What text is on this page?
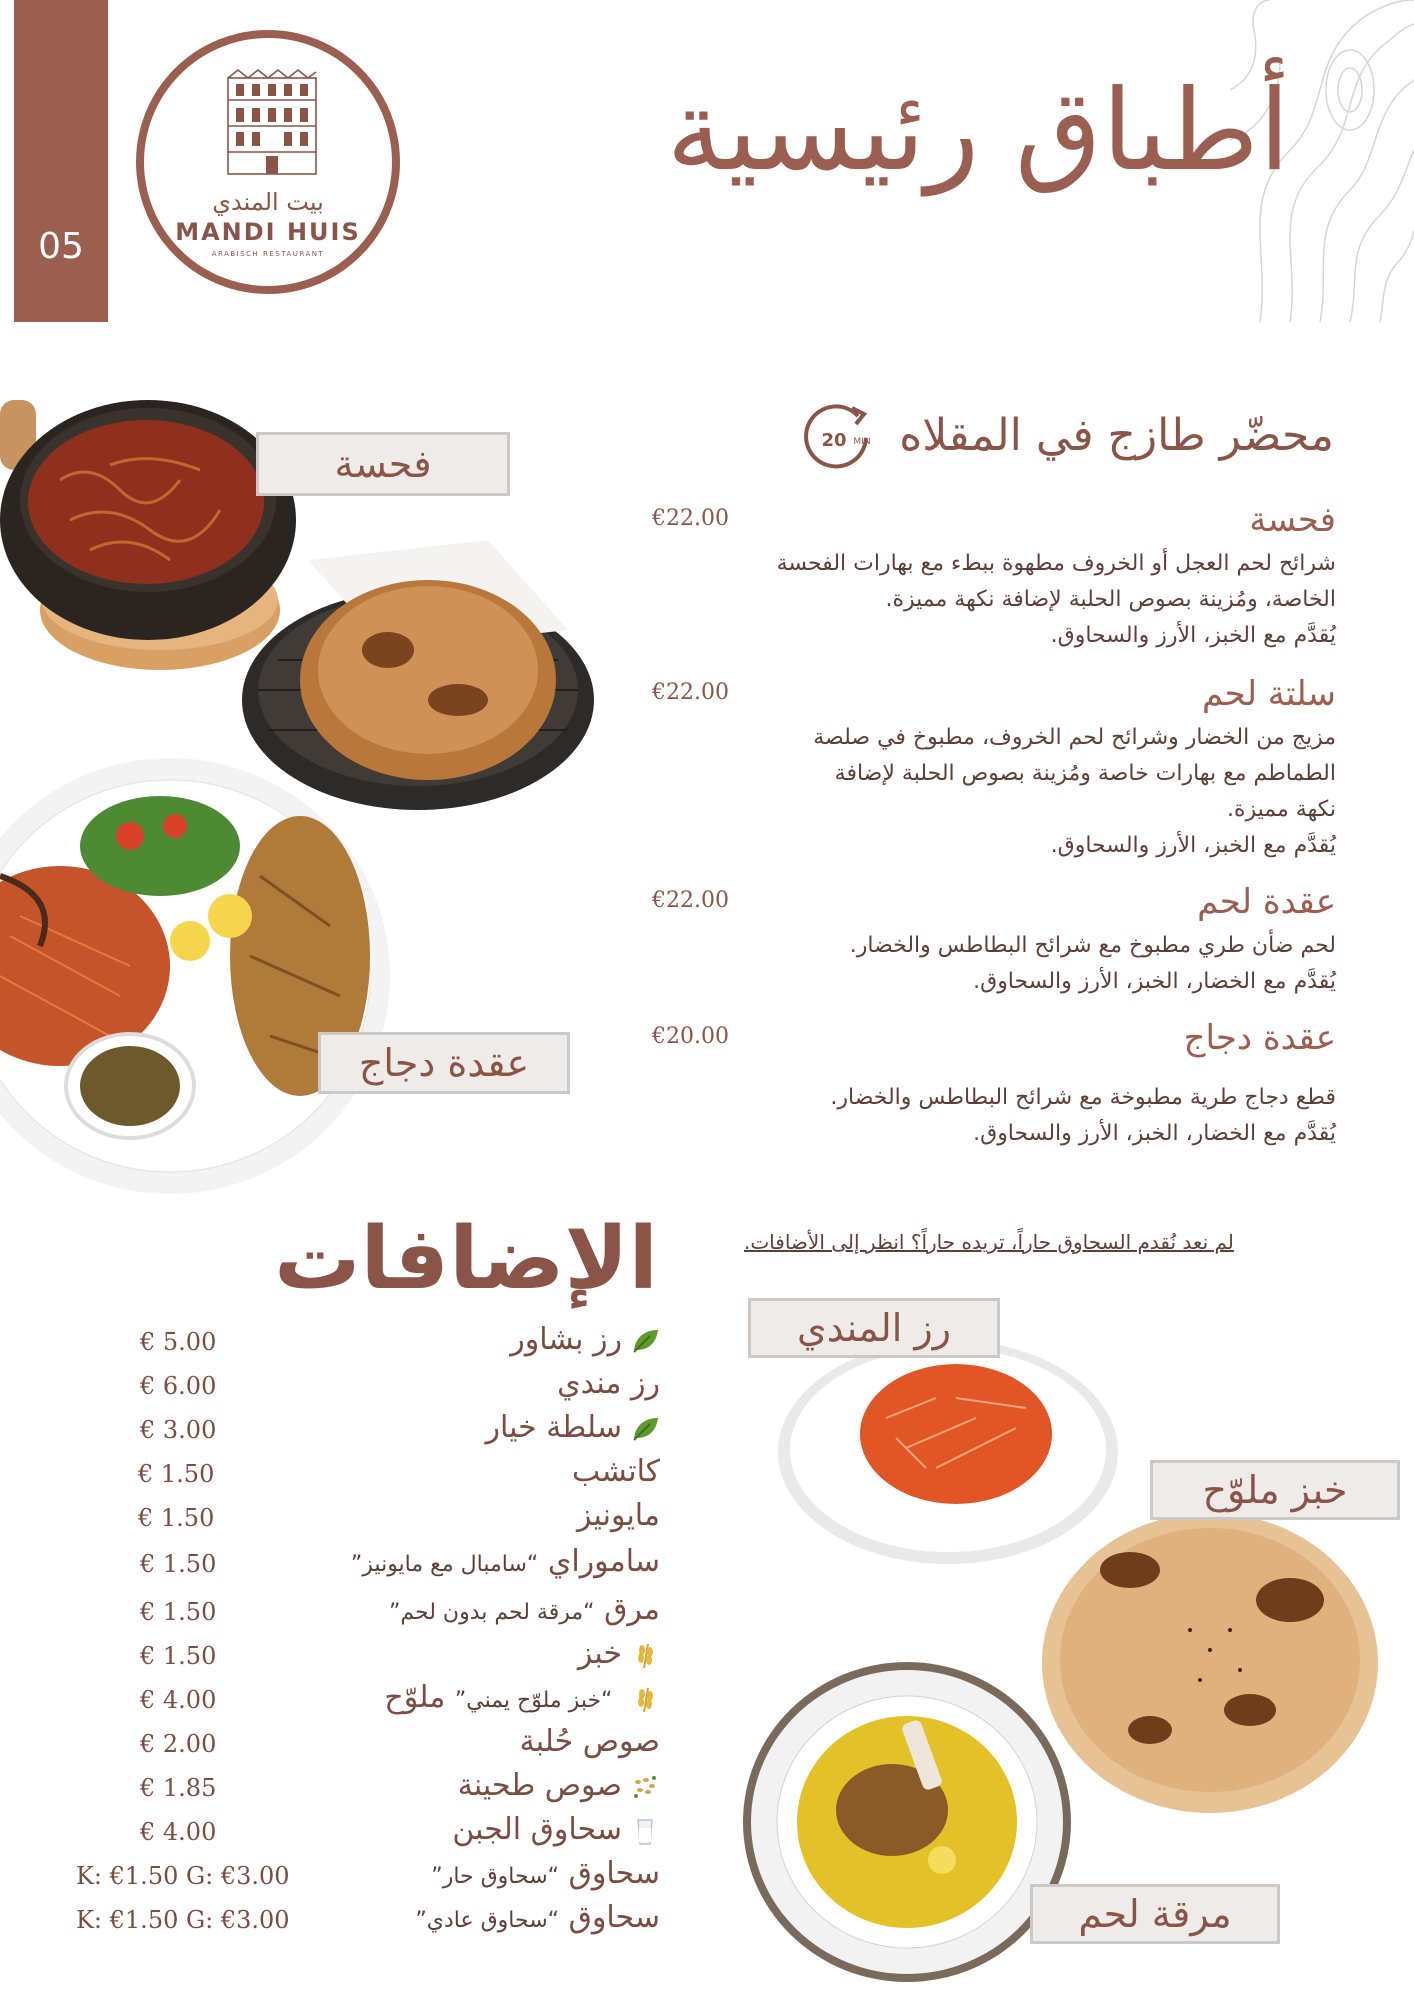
05
بيت المندي
MANDI HUIS
ARABISCH RESTAURANT
أطباق رئيسية
فحسة
عقدة دجاج
20 MIN محضّر طازج في المقلاه
فحسة
€22.00
شرائح لحم العجل أو الخروف مطهوة ببطء مع بهارات الفحسة
الخاصة، ومُزينة بصوص الحلبة لإضافة نكهة مميزة.
يُقدَّم مع الخبز، الأرز والسحاوق.
سلتة لحم
€22.00
مزيج من الخضار وشرائح لحم الخروف، مطبوخ في صلصة
الطماطم مع بهارات خاصة ومُزينة بصوص الحلبة لإضافة
نكهة مميزة.
يُقدَّم مع الخبز، الأرز والسحاوق.
عقدة لحم
€22.00
لحم ضأن طري مطبوخ مع شرائح البطاطس والخضار.
يُقدَّم مع الخضار، الخبز، الأرز والسحاوق.
عقدة دجاج
€20.00
قطع دجاج طرية مطبوخة مع شرائح البطاطس والخضار.
يُقدَّم مع الخضار، الخبز، الأرز والسحاوق.
لم نعد نُقدم السحاوق حاراً، تريده حاراً؟ انظر إلى الأضافات.
الإضافات
رز بشاور
€ 5.00
رز مندي
€ 6.00
سلطة خيار
€ 3.00
كاتشب
€ 1.50
مايونيز
€ 1.50
ساموراي “سامبال مع مايونيز”
€ 1.50
مرق “مرقة لحم بدون لحم”
€ 1.50
خبز
€ 1.50
“خبز ملوّح يمني” ملوّح
€ 4.00
صوص حُلبة
€ 2.00
صوص طحينة
€ 1.85
سحاوق الجبن
€ 4.00
سحاوق “سحاوق حار”
K: €1.50 G: €3.00
سحاوق “سحاوق عادي”
K: €1.50 G: €3.00
رز المندي
خبز ملوّح
مرقة لحم
